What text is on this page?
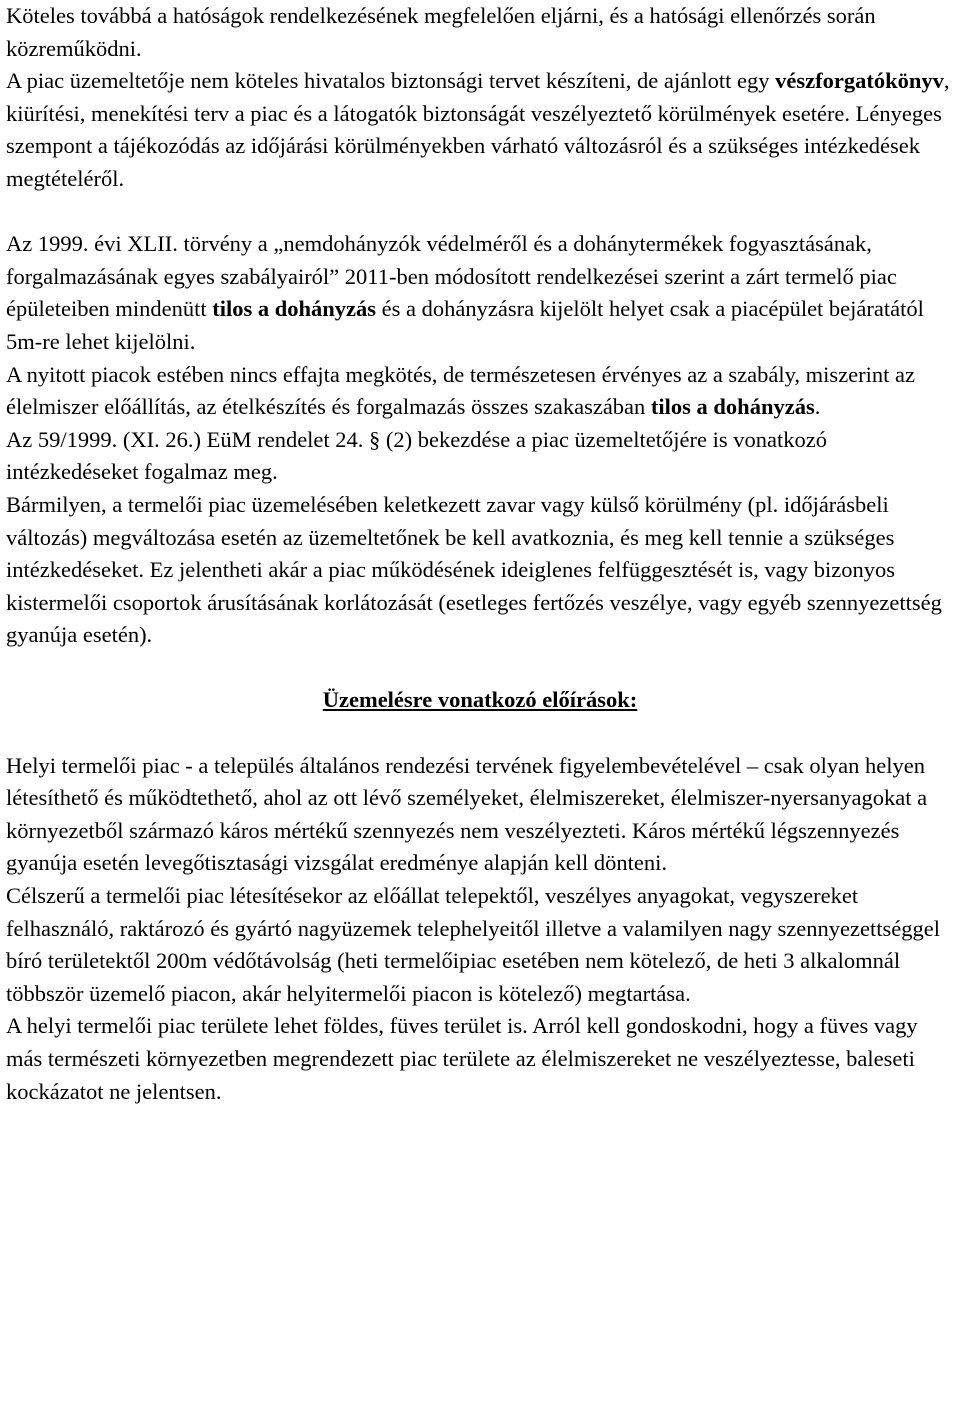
Köteles továbbá a hatóságok rendelkezésének megfelelően eljárni, és a hatósági ellenőrzés során közreműködni.

A piac üzemeltetője nem köteles hivatalos biztonsági tervet készíteni, de ajánlott egy vészforgatókönyv, kiürítési, menekítési terv a piac és a látogatók biztonságát veszélyeztető körülmények esetére. Lényeges szempont a tájékozódás az időjárási körülményekben várható változásról és a szükséges intézkedések megtételéről.

Az 1999. évi XLII. törvény a „nemdohányzók védelméről és a dohánytermékek fogyasztásának, forgalmazásának egyes szabályairól” 2011-ben módosított rendelkezései szerint a zárt termelő piac épületeiben mindenütt tilos a dohányzás és a dohányzásra kijelölt helyet csak a piacépület bejáratától 5m-re lehet kijelölni.

A nyitott piacok estében nincs effajta megkötés, de természetesen érvényes az a szabály, miszerint az élelmiszer előállítás, az ételkészítés és forgalmazás összes szakaszában tilos a dohányzás.

Az 59/1999. (XI. 26.) EüM rendelet 24. § (2) bekezdése a piac üzemeltetőjére is vonatkozó intézkedéseket fogalmaz meg.

Bármilyen, a termelői piac üzemelésében keletkezett zavar vagy külső körülmény (pl. időjárásbeli változás) megváltozása esetén az üzemeltetőnek be kell avatkoznia, és meg kell tennie a szükséges intézkedéseket. Ez jelentheti akár a piac működésének ideiglenes felfüggesztését is, vagy bizonyos kistermelői csoportok árusításának korlátozását (esetleges fertőzés veszélye, vagy egyéb szennyezettség gyanúja esetén).

Üzemelésre vonatkozó előírások:

Helyi termelői piac - a település általános rendezési tervének figyelembevételével – csak olyan helyen létesíthető és működtethető, ahol az ott lévő személyeket, élelmiszereket, élelmiszer-nyersanyagokat a környezetből származó káros mértékű szennyezés nem veszélyezteti. Káros mértékű légszennyezés gyanúja esetén levegőtisztasági vizsgálat eredménye alapján kell dönteni.

Célszerű a termelői piac létesítésekor az előállat telepektől, veszélyes anyagokat, vegyszereket felhasználó, raktározó és gyártó nagyüzemek telephelyeitől illetve a valamilyen nagy szennyezettséggel bíró területektől 200m védőtávolság (heti termelőipiac esetében nem kötelező, de heti 3 alkalomnál többször üzemelő piacon, akár helyitermelői piacon is kötelező) megtartása.

A helyi termelői piac területe lehet földes, füves terület is. Arról kell gondoskodni, hogy a füves vagy más természeti környezetben megrendezett piac területe az élelmiszereket ne veszélyeztesse, baleseti kockázatot ne jelentsen.
